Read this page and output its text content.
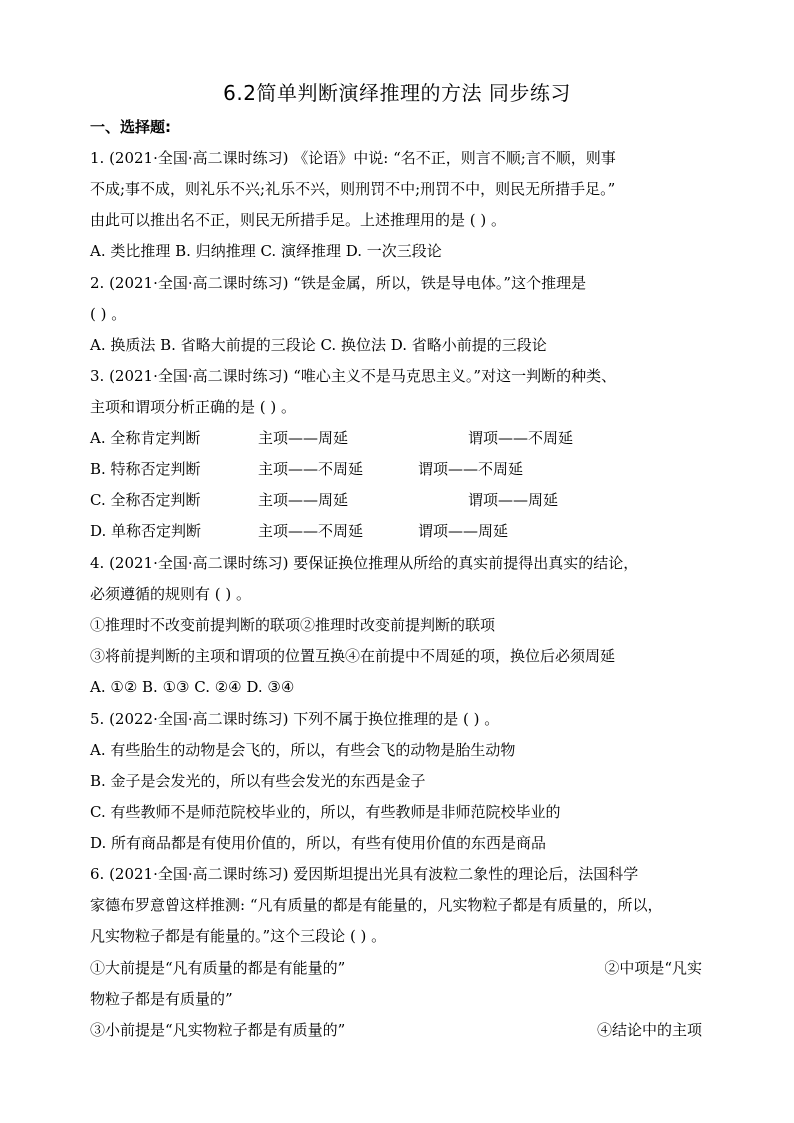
6.2简单判断演绎推理的方法 同步练习
一、选择题:
1. (2021·全国·高二课时练习) 《论语》中说: “名不正，则言不顺;言不顺，则事
不成;事不成，则礼乐不兴;礼乐不兴，则刑罚不中;刑罚不中，则民无所措手足。”
由此可以推出名不正，则民无所措手足。上述推理用的是 ( ) 。
A. 类比推理 B. 归纳推理 C. 演绎推理 D. 一次三段论
2. (2021·全国·高二课时练习) “铁是金属，所以，铁是导电体。”这个推理是
( ) 。
A. 换质法 B. 省略大前提的三段论 C. 换位法 D. 省略小前提的三段论
3. (2021·全国·高二课时练习) “唯心主义不是马克思主义。”对这一判断的种类、
主项和谓项分析正确的是 ( ) 。
A. 全称肯定判断	主项——周延	谓项——不周延
B. 特称否定判断	主项——不周延	谓项——不周延
C. 全称否定判断	主项——周延	谓项——周延
D. 单称否定判断	主项——不周延	谓项——周延
4. (2021·全国·高二课时练习) 要保证换位推理从所给的真实前提得出真实的结论，
必须遵循的规则有 ( ) 。
①推理时不改变前提判断的联项②推理时改变前提判断的联项
③将前提判断的主项和谓项的位置互换④在前提中不周延的项，换位后必须周延
A. ①② B. ①③ C. ②④ D. ③④
5. (2022·全国·高二课时练习) 下列不属于换位推理的是 ( ) 。
A. 有些胎生的动物是会飞的，所以，有些会飞的动物是胎生动物
B. 金子是会发光的，所以有些会发光的东西是金子
C. 有些教师不是师范院校毕业的，所以，有些教师是非师范院校毕业的
D. 所有商品都是有使用价值的，所以，有些有使用价值的东西是商品
6. (2021·全国·高二课时练习) 爱因斯坦提出光具有波粒二象性的理论后，法国科学
家德布罗意曾这样推测: “凡有质量的都是有能量的，凡实物粒子都是有质量的，所以，
凡实物粒子都是有能量的。”这个三段论 ( ) 。
①大前提是“凡有质量的都是有能量的”	②中项是“凡实
物粒子都是有质量的”
③小前提是“凡实物粒子都是有质量的”	④结论中的主项
